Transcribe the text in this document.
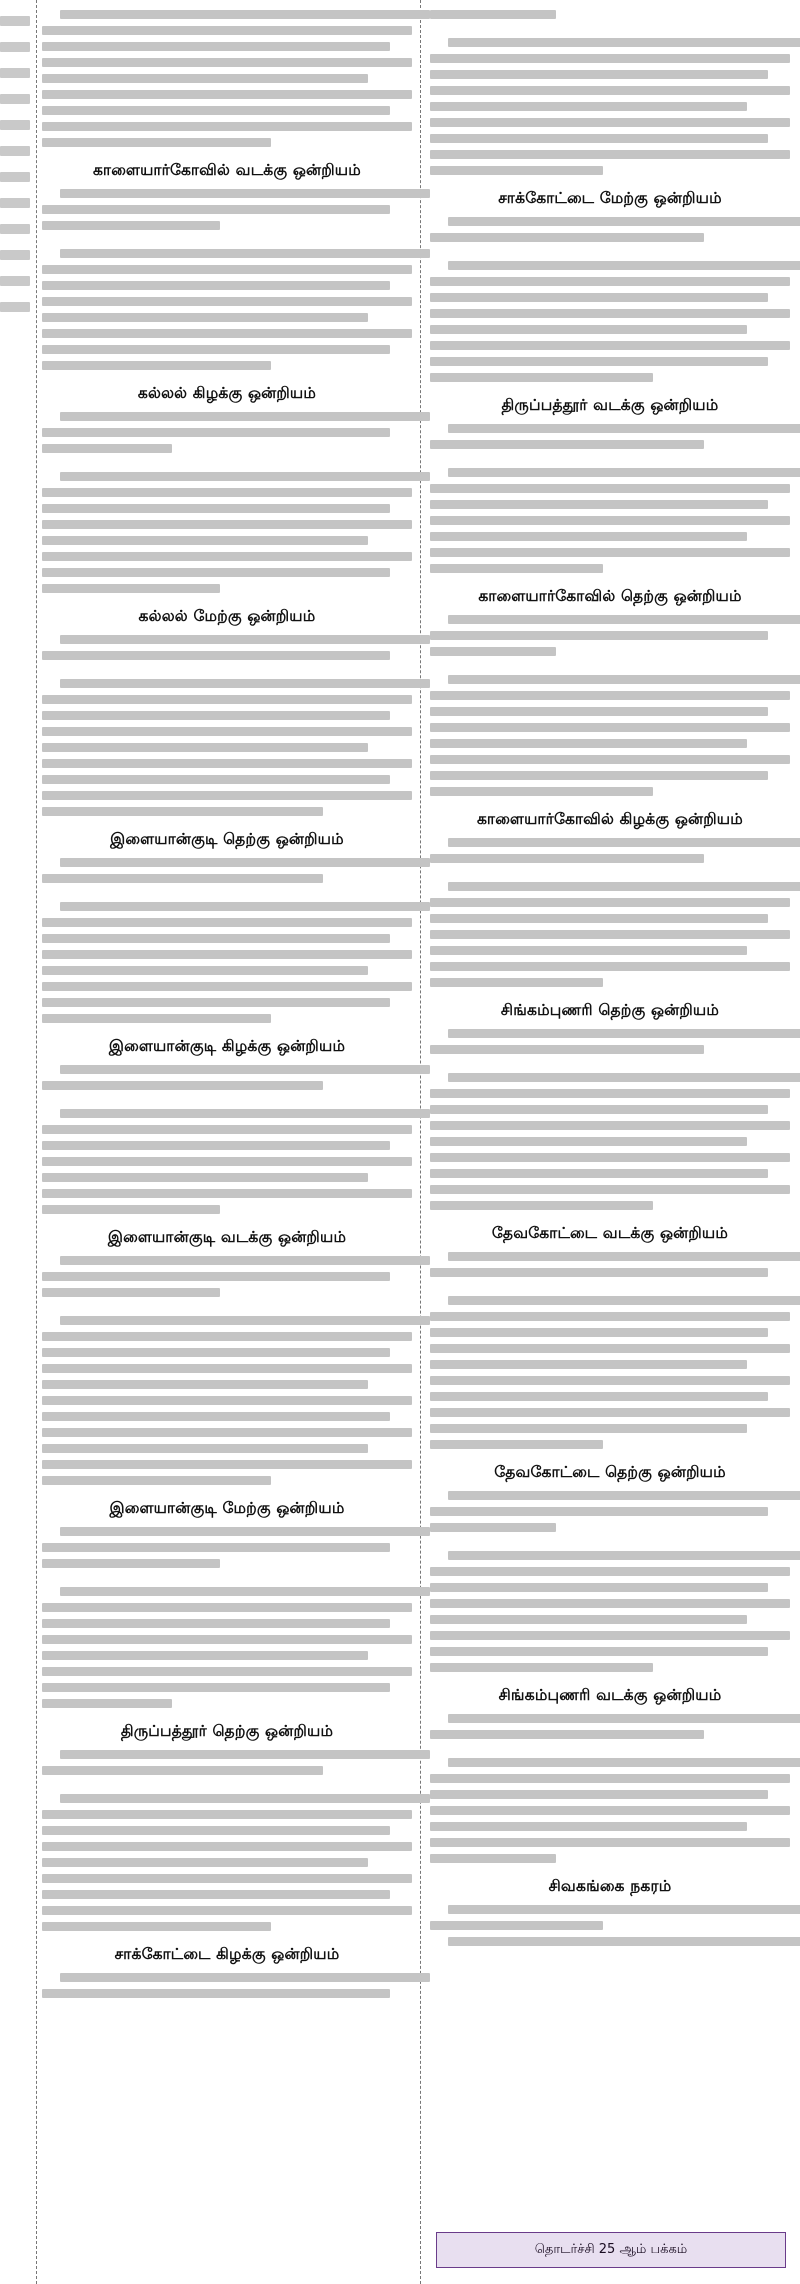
காளையார்கோவில் வடக்கு ஒன்றியம்
கல்லல் கிழக்கு ஒன்றியம்
கல்லல் மேற்கு ஒன்றியம்
இளையான்குடி தெற்கு ஒன்றியம்
இளையான்குடி கிழக்கு ஒன்றியம்
இளையான்குடி வடக்கு ஒன்றியம்
இளையான்குடி மேற்கு ஒன்றியம்
திருப்பத்தூர் தெற்கு ஒன்றியம்
சாக்கோட்டை கிழக்கு ஒன்றியம்
சாக்கோட்டை மேற்கு ஒன்றியம்
திருப்பத்தூர் வடக்கு ஒன்றியம்
காளையார்கோவில் தெற்கு ஒன்றியம்
காளையார்கோவில் கிழக்கு ஒன்றியம்
சிங்கம்புணரி தெற்கு ஒன்றியம்
தேவகோட்டை வடக்கு ஒன்றியம்
தேவகோட்டை தெற்கு ஒன்றியம்
சிங்கம்புணரி வடக்கு ஒன்றியம்
சிவகங்கை நகரம்
தொடர்ச்சி 25 ஆம் பக்கம்
